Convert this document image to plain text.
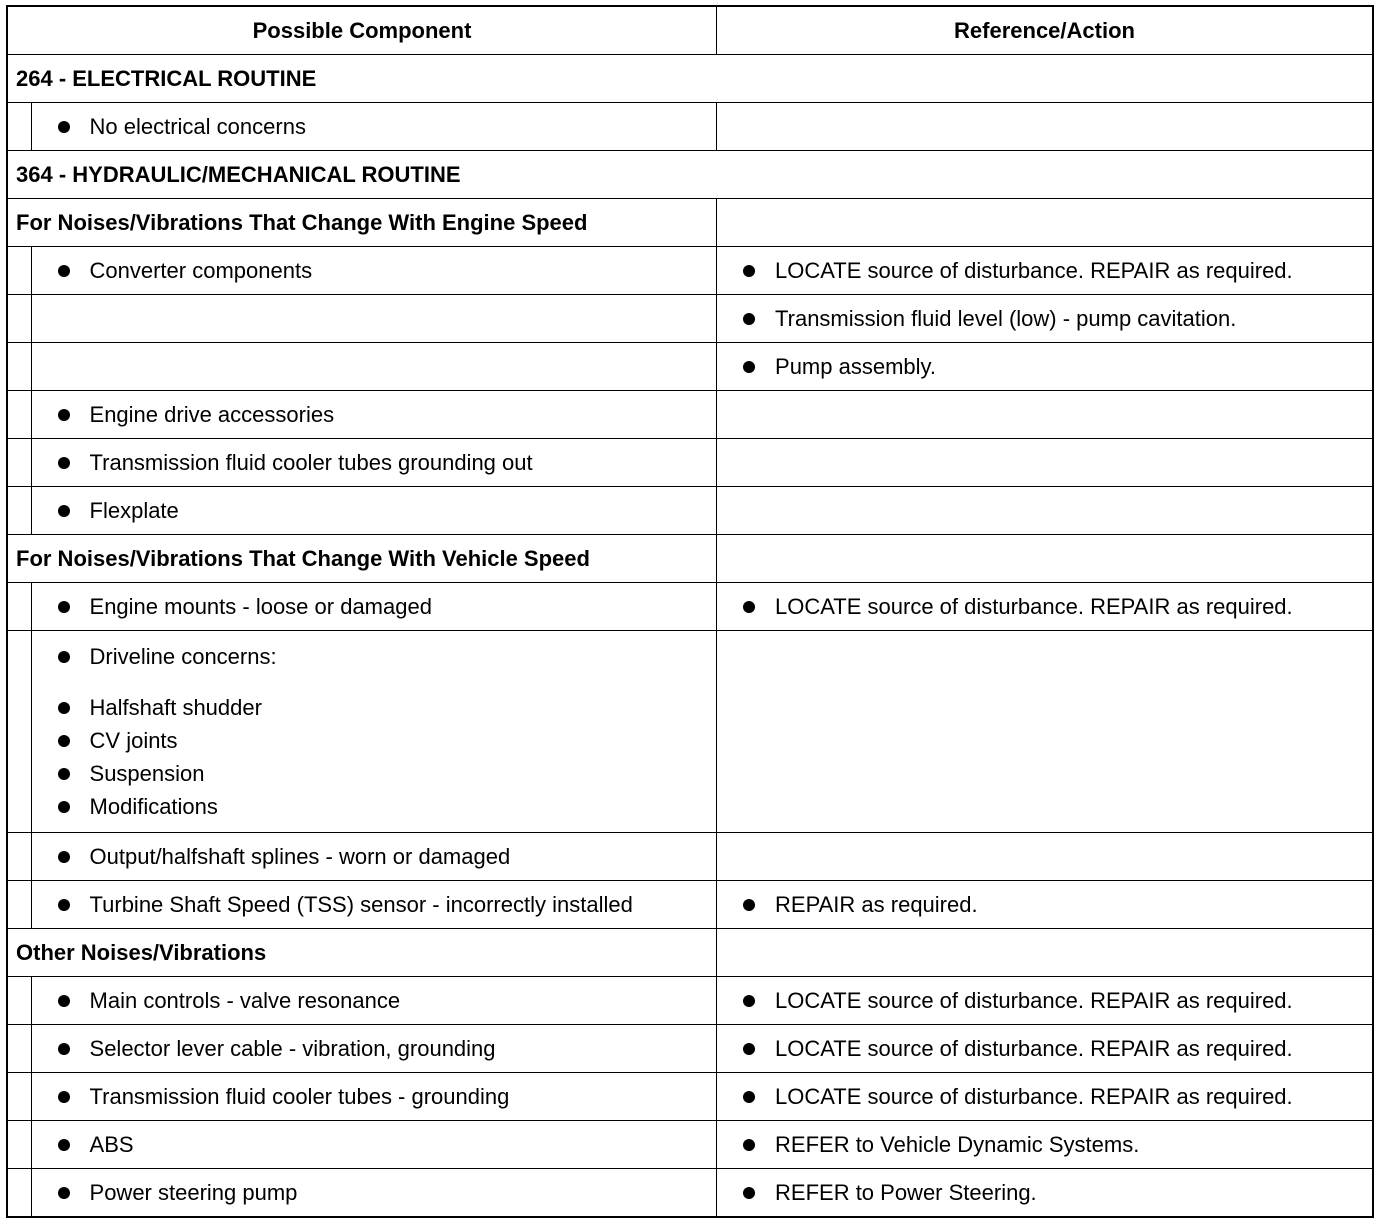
Possible Component		Reference/Action
264 - ELECTRICAL ROUTINE		

	No electrical concerns	

364 - HYDRAULIC/MECHANICAL ROUTINE		
For Noises/Vibrations That Change With Engine Speed		

	Converter components	LOCATE source of disturbance. REPAIR as required.

		Transmission fluid level (low) - pump cavitation.

		Pump assembly.

	Engine drive accessories	

	Transmission fluid cooler tubes grounding out	

	Flexplate	

For Noises/Vibrations That Change With Vehicle Speed		

	Engine mounts - loose or damaged	LOCATE source of disturbance. REPAIR as required.

	Driveline concerns:
Halfshaft shudder
CV joints
Suspension
Modifications	

	Output/halfshaft splines - worn or damaged	

	Turbine Shaft Speed (TSS) sensor - incorrectly installed	REPAIR as required.

Other Noises/Vibrations		

	Main controls - valve resonance	LOCATE source of disturbance. REPAIR as required.

	Selector lever cable - vibration, grounding	LOCATE source of disturbance. REPAIR as required.

	Transmission fluid cooler tubes - grounding	LOCATE source of disturbance. REPAIR as required.

	ABS	REFER to Vehicle Dynamic Systems.

	Power steering pump	REFER to Power Steering.
